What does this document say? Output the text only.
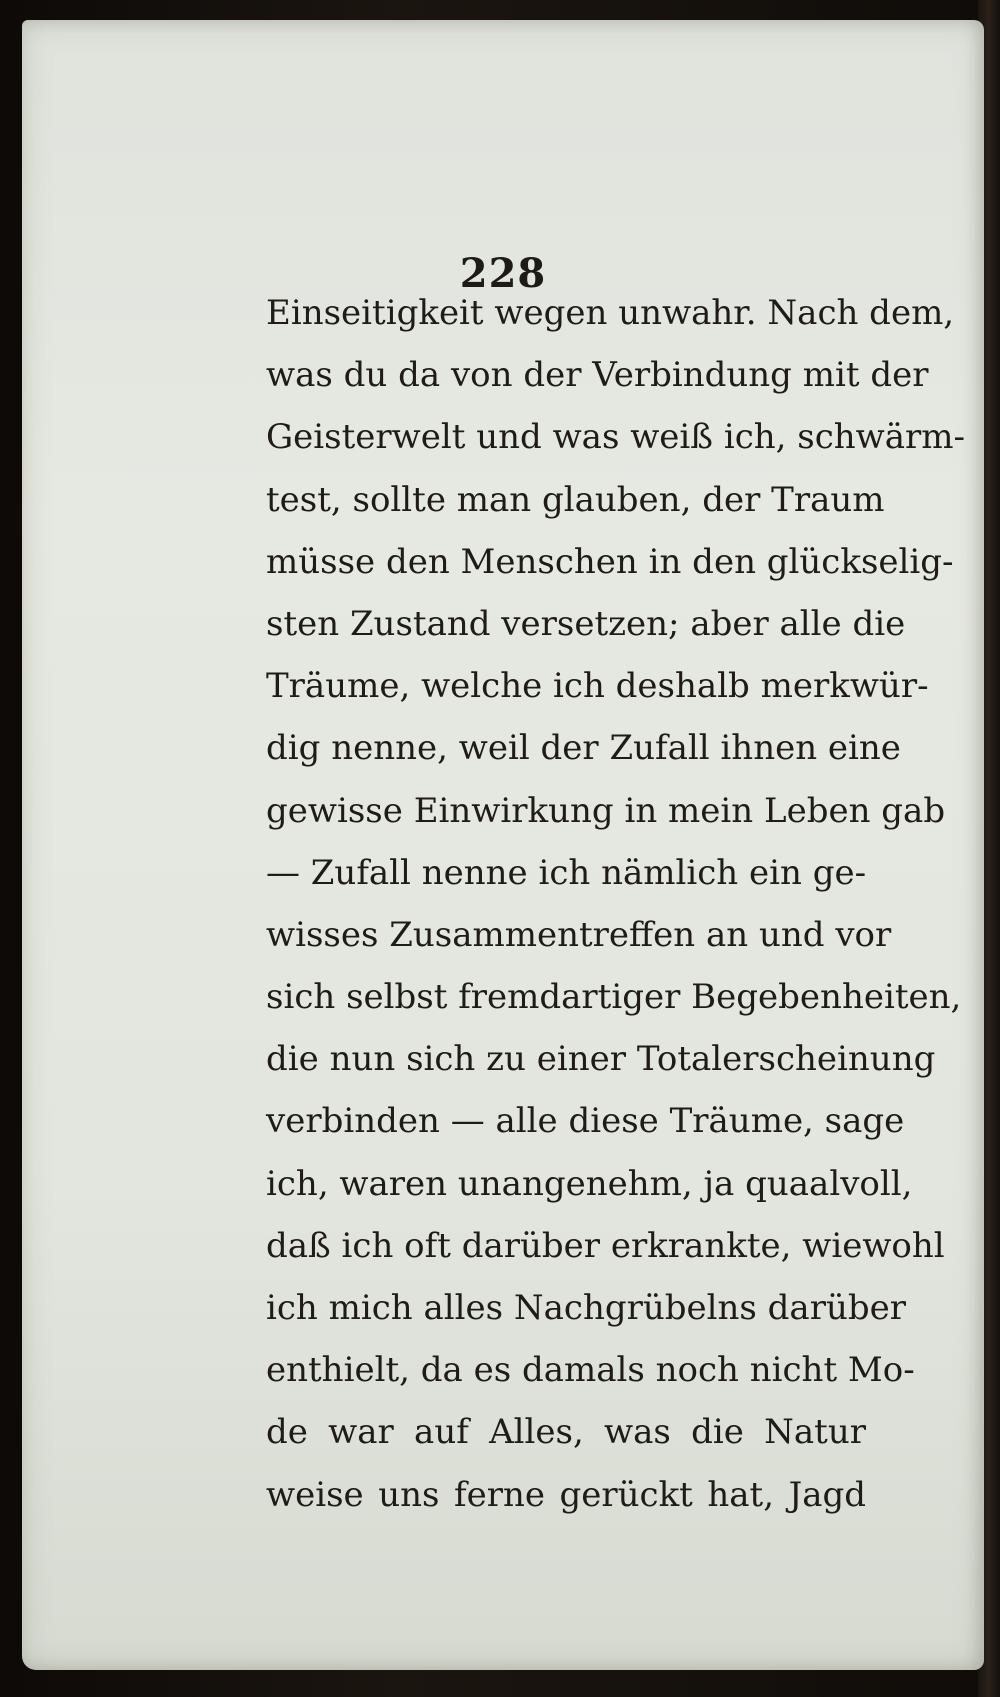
228
Einseitigkeit wegen unwahr. Nach dem,
was du da von der Verbindung mit der
Geisterwelt und was weiß ich, schwärm-
test, sollte man glauben, der Traum
müsse den Menschen in den glückselig-
sten Zustand versetzen; aber alle die
Träume, welche ich deshalb merkwür-
dig nenne, weil der Zufall ihnen eine
gewisse Einwirkung in mein Leben gab
— Zufall nenne ich nämlich ein ge-
wisses Zusammentreffen an und vor
sich selbst fremdartiger Begebenheiten,
die nun sich zu einer Totalerscheinung
verbinden — alle diese Träume, sage
ich, waren unangenehm, ja quaalvoll,
daß ich oft darüber erkrankte, wiewohl
ich mich alles Nachgrübelns darüber
enthielt, da es damals noch nicht Mo-
de war auf Alles, was die Natur
weise uns ferne gerückt hat, Jagd
